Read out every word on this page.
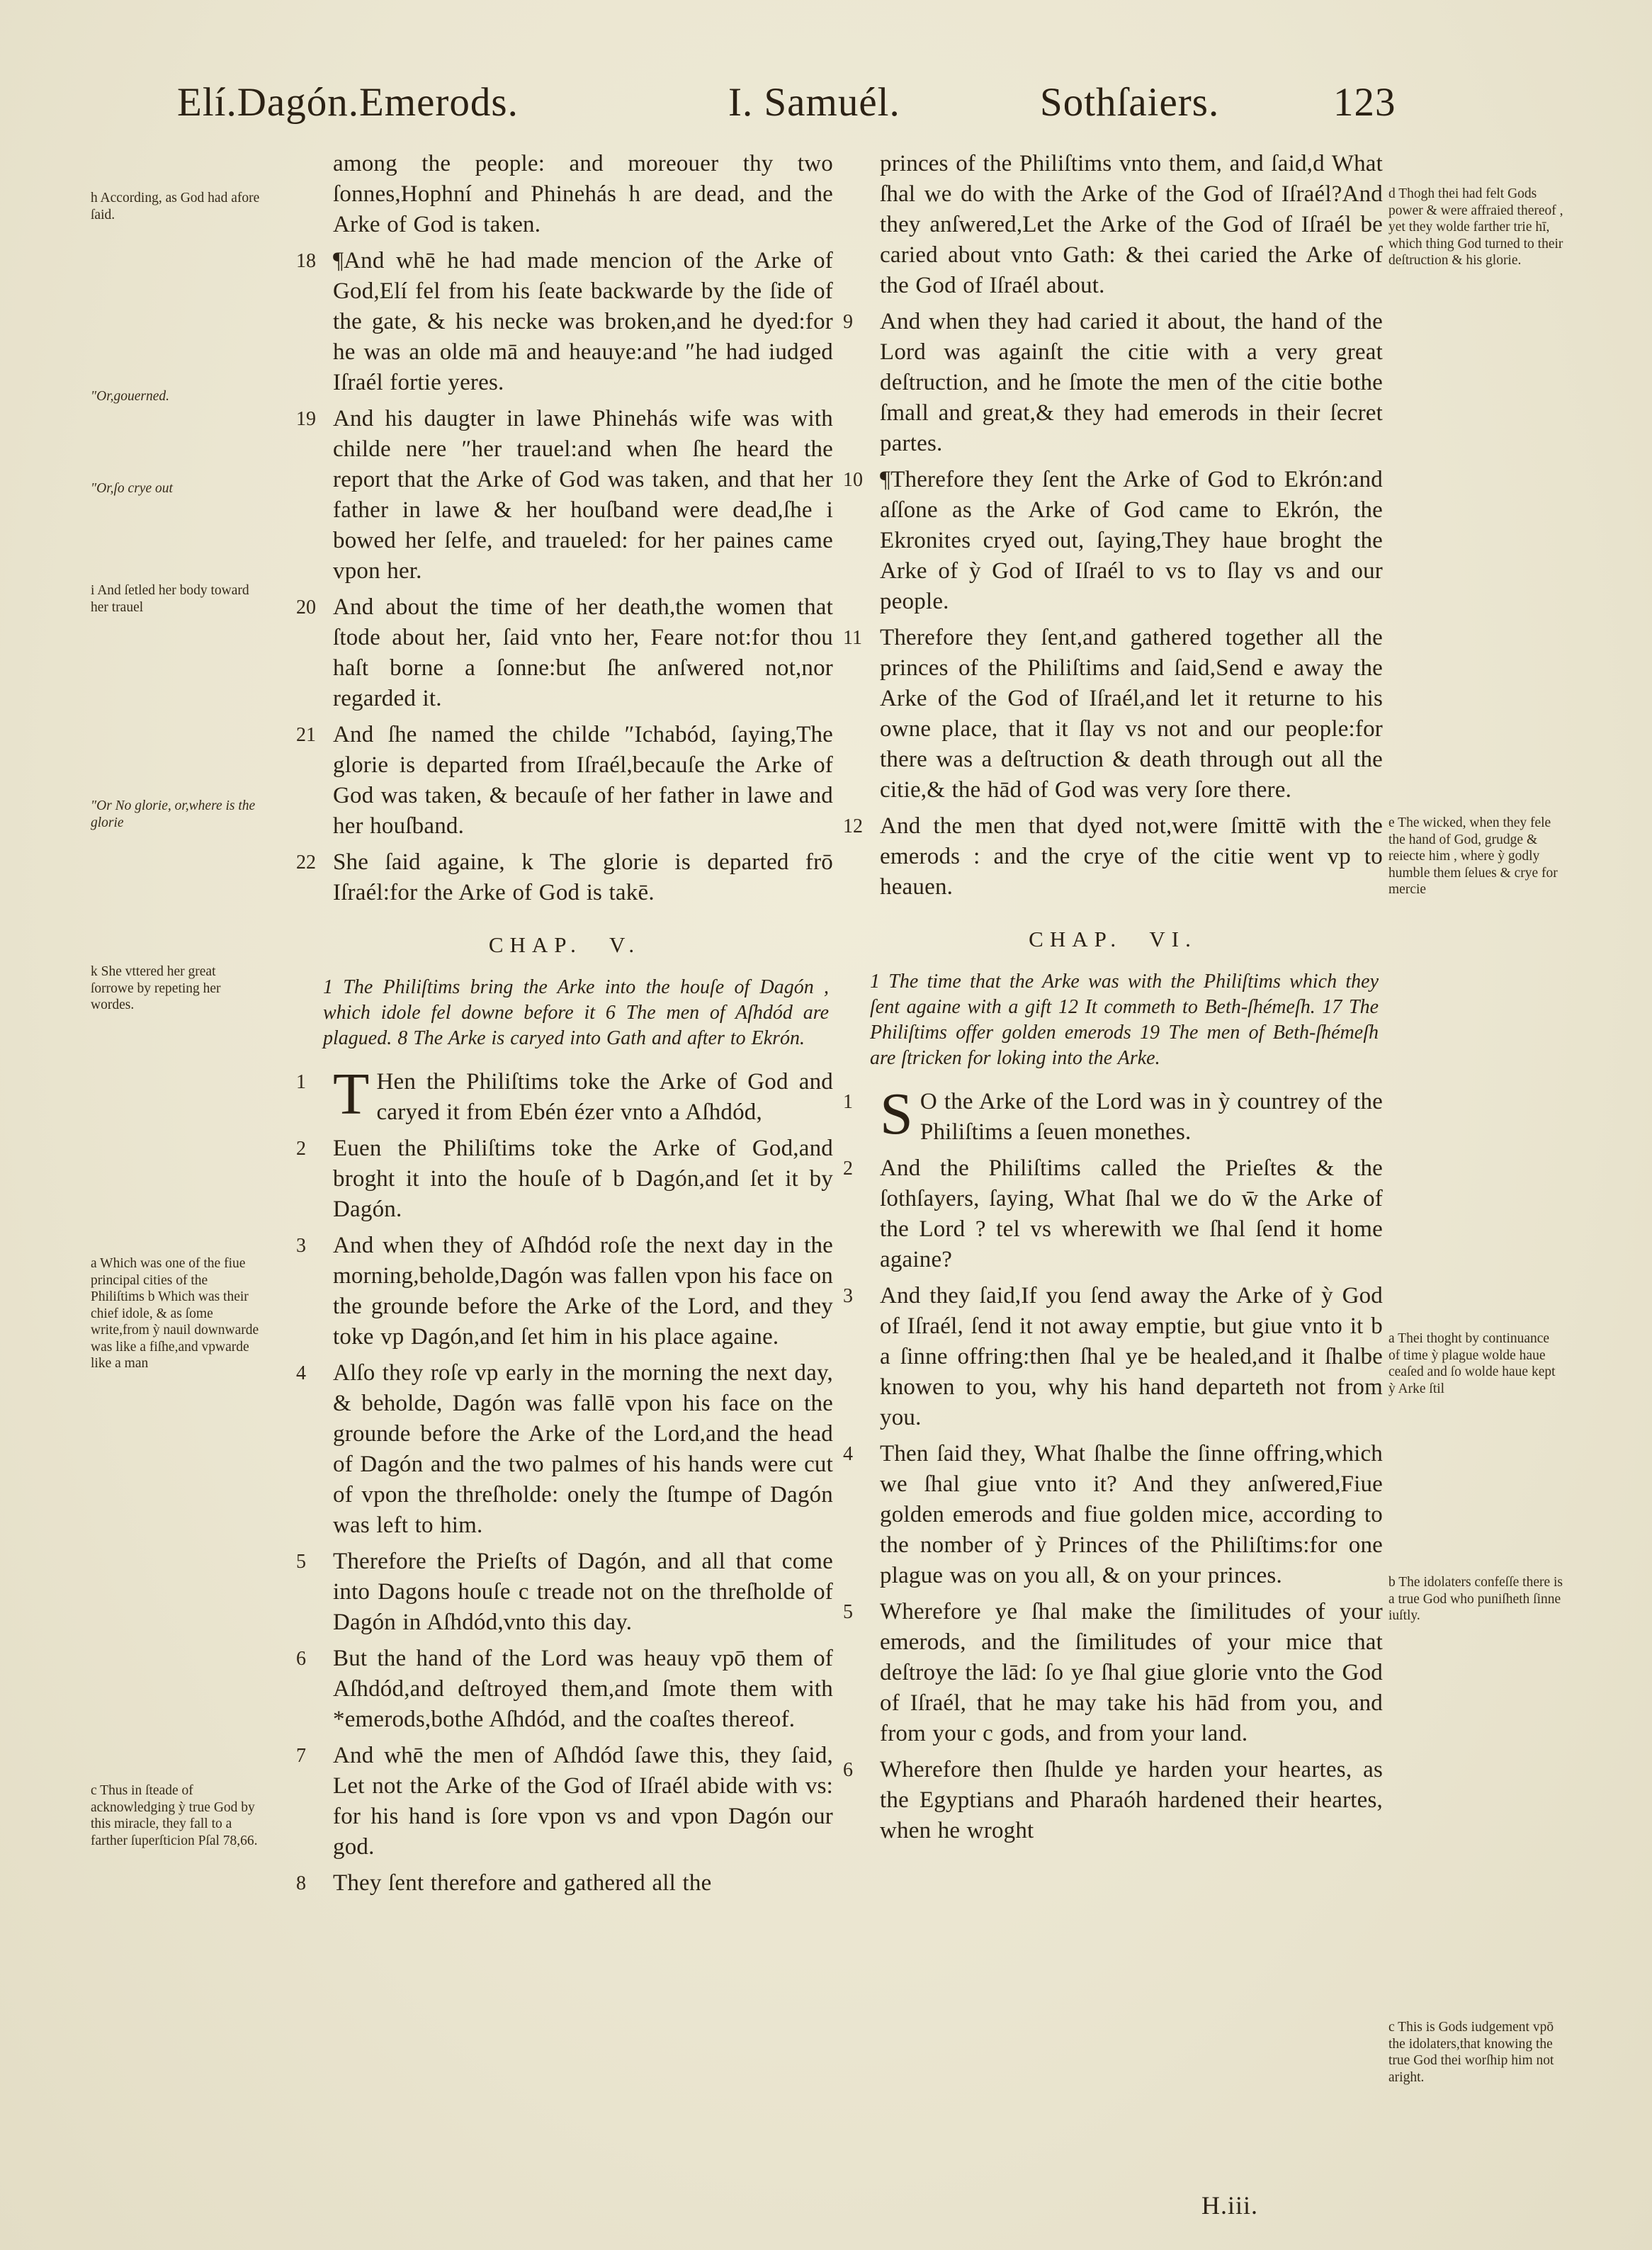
Elí.Dagón.Emerods.	I. Samuél.	Sothſaiers.	123
h According, as God had afore ſaid.
″Or,gouerned.
″Or,ſo crye out
i And ſetled her body toward her trauel
″Or No glorie, or,where is the glorie
k She vttered her great ſorrowe by repeting her wordes.
a Which was one of the fiue principal cities of the Philiſtims b Which was their chief idole, & as ſome write,from ỳ nauil downwarde was like a fiſhe,and vpwarde like a man
c Thus in ſteade of acknowledging ỳ true God by this miracle, they fall to a farther ſuperſticion Pſal 78,66.
among the people: and moreouer thy two ſonnes,Hophní and Phinehás h are dead, and the Arke of God is taken.
18 ¶And whē he had made mencion of the Arke of God,Elí fel from his ſeate backwarde by the ſide of the gate, & his necke was broken,and he dyed:for he was an olde mā and heauye:and ″he had iudged Iſraél fortie yeres.
19 And his daugter in lawe Phinehás wife was with childe nere ″her trauel:and when ſhe heard the report that the Arke of God was taken, and that her father in lawe & her houſband were dead,ſhe i bowed her ſelfe, and traueled: for her paines came vpon her.
20 And about the time of her death,the women that ſtode about her, ſaid vnto her, Feare not:for thou haſt borne a ſonne:but ſhe anſwered not,nor regarded it.
21 And ſhe named the childe ″Ichabód, ſaying,The glorie is departed from Iſraél,becauſe the Arke of God was taken, & becauſe of her father in lawe and her houſband.
22 She ſaid againe, k The glorie is departed frō Iſraél:for the Arke of God is takē.
CHAP. V.
1 The Philiſtims bring the Arke into the houſe of Dagón , which idole fel downe before it 6 The men of Aſhdód are plagued. 8 The Arke is caryed into Gath and after to Ekrón.
1 T Hen the Philiſtims toke the Arke of God and caryed it from Ebén ézer vnto a Aſhdód,
2	Euen the Philiſtims toke the Arke of God,and broght it into the houſe of b Dagón,and ſet it by Dagón.
3	And when they of Aſhdód roſe the next day in the morning,beholde,Dagón was fallen vpon his face on the grounde before the Arke of the Lord, and they toke vp Dagón,and ſet him in his place againe.
4	Alſo they roſe vp early in the morning the next day, & beholde, Dagón was fallē vpon his face on the grounde before the Arke of the Lord,and the head of Dagón and the two palmes of his hands were cut of vpon the threſholde: onely the ſtumpe of Dagón was left to him.
5	Therefore the Prieſts of Dagón, and all that come into Dagons houſe c treade not on the threſholde of Dagón in Aſhdód,vnto this day.
6	But the hand of the Lord was heauy vpō them of Aſhdód,and deſtroyed them,and ſmote them with *emerods,bothe Aſhdód, and the coaſtes thereof.
7	And whē the men of Aſhdód ſawe this, they ſaid, Let not the Arke of the God of Iſraél abide with vs: for his hand is ſore vpon vs and vpon Dagón our god.
8	They ſent therefore and gathered all the
princes of the Philiſtims vnto them, and ſaid,d What ſhal we do with the Arke of the God of Iſraél?And they anſwered,Let the Arke of the God of Iſraél be caried about vnto Gath: & thei caried the Arke of the God of Iſraél about.
9	And when they had caried it about, the hand of the Lord was againſt the citie with a very great deſtruction, and he ſmote the men of the citie bothe ſmall and great,& they had emerods in their ſecret partes.
10 ¶Therefore they ſent the Arke of God to Ekrón:and aſſone as the Arke of God came to Ekrón, the Ekronites cryed out, ſaying,They haue broght the Arke of ỳ God of Iſraél to vs to ſlay vs and our people.
11 Therefore they ſent,and gathered together all the princes of the Philiſtims and ſaid,Send e away the Arke of the God of Iſraél,and let it returne to his owne place, that it ſlay vs not and our people:for there was a deſtruction & death through out all the citie,& the hād of God was very ſore there.
12 And the men that dyed not,were ſmittē with the emerods : and the crye of the citie went vp to heauen.
CHAP. VI.
1 The time that the Arke was with the Philiſtims which they ſent againe with a gift 12 It commeth to Beth-ſhémeſh. 17 The Philiſtims offer golden emerods 19 The men of Beth-ſhémeſh are ſtricken for loking into the Arke.
1 S O the Arke of the Lord was in ỳ countrey of the Philiſtims a ſeuen monethes.
2	And the Philiſtims called the Prieſtes & the ſothſayers, ſaying, What ſhal we do w̄ the Arke of the Lord ? tel vs wherewith we ſhal ſend it home againe?
3	And they ſaid,If you ſend away the Arke of ỳ God of Iſraél, ſend it not away emptie, but giue vnto it b a ſinne offring:then ſhal ye be healed,and it ſhalbe knowen to you, why his hand departeth not from you.
4	Then ſaid they, What ſhalbe the ſinne offring,which we ſhal giue vnto it? And they anſwered,Fiue golden emerods and fiue golden mice, according to the nomber of ỳ Princes of the Philiſtims:for one plague was on you all, & on your princes.
5	Wherefore ye ſhal make the ſimilitudes of your emerods, and the ſimilitudes of your mice that deſtroye the lād: ſo ye ſhal giue glorie vnto the God of Iſraél, that he may take his hād from you, and from your c gods, and from your land.
6	Wherefore then ſhulde ye harden your heartes, as the Egyptians and Pharaóh hardened their heartes, when he wroght
d Thogh thei had felt Gods power & were affraied thereof , yet they wolde farther trie hī, which thing God turned to their deſtruction & his glorie.
e The wicked, when they fele the hand of God, grudge & reiecte him , where ỳ godly humble them ſelues & crye for mercie
a Thei thoght by continuance of time ỳ plague wolde haue ceaſed and ſo wolde haue kept ỳ Arke ſtil
b The idolaters confeſſe there is a true God who puniſheth ſinne iuſtly.
c This is Gods iudgement vpō the idolaters,that knowing the true God thei worſhip him not aright.
H.iii.
